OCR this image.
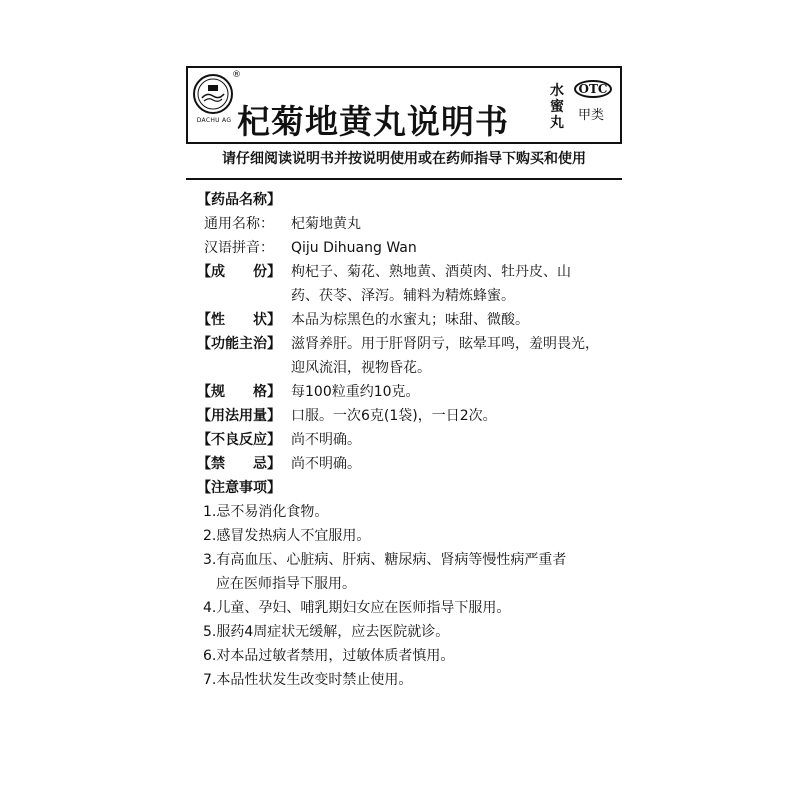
®
DACHU AG 杞菊地黄丸说明书
水蜜丸
OTC
甲类
请仔细阅读说明书并按说明使用或在药师指导下购买和使用
【药品名称】
通用名称： 杞菊地黄丸
汉语拼音： Qiju Dihuang Wan
【成　　份】 枸杞子、菊花、熟地黄、酒萸肉、牡丹皮、山
药、茯苓、泽泻。辅料为精炼蜂蜜。
【性　　状】 本品为棕黑色的水蜜丸；味甜、微酸。
【功能主治】 滋肾养肝。用于肝肾阴亏，眩晕耳鸣，羞明畏光，
迎风流泪，视物昏花。
【规　　格】 每100粒重约10克。
【用法用量】 口服。一次6克(1袋)，一日2次。
【不良反应】 尚不明确。
【禁　　忌】 尚不明确。
【注意事项】
1.忌不易消化食物。
2.感冒发热病人不宜服用。
3.有高血压、心脏病、肝病、糖尿病、肾病等慢性病严重者
应在医师指导下服用。
4.儿童、孕妇、哺乳期妇女应在医师指导下服用。
5.服药4周症状无缓解，应去医院就诊。
6.对本品过敏者禁用，过敏体质者慎用。
7.本品性状发生改变时禁止使用。
